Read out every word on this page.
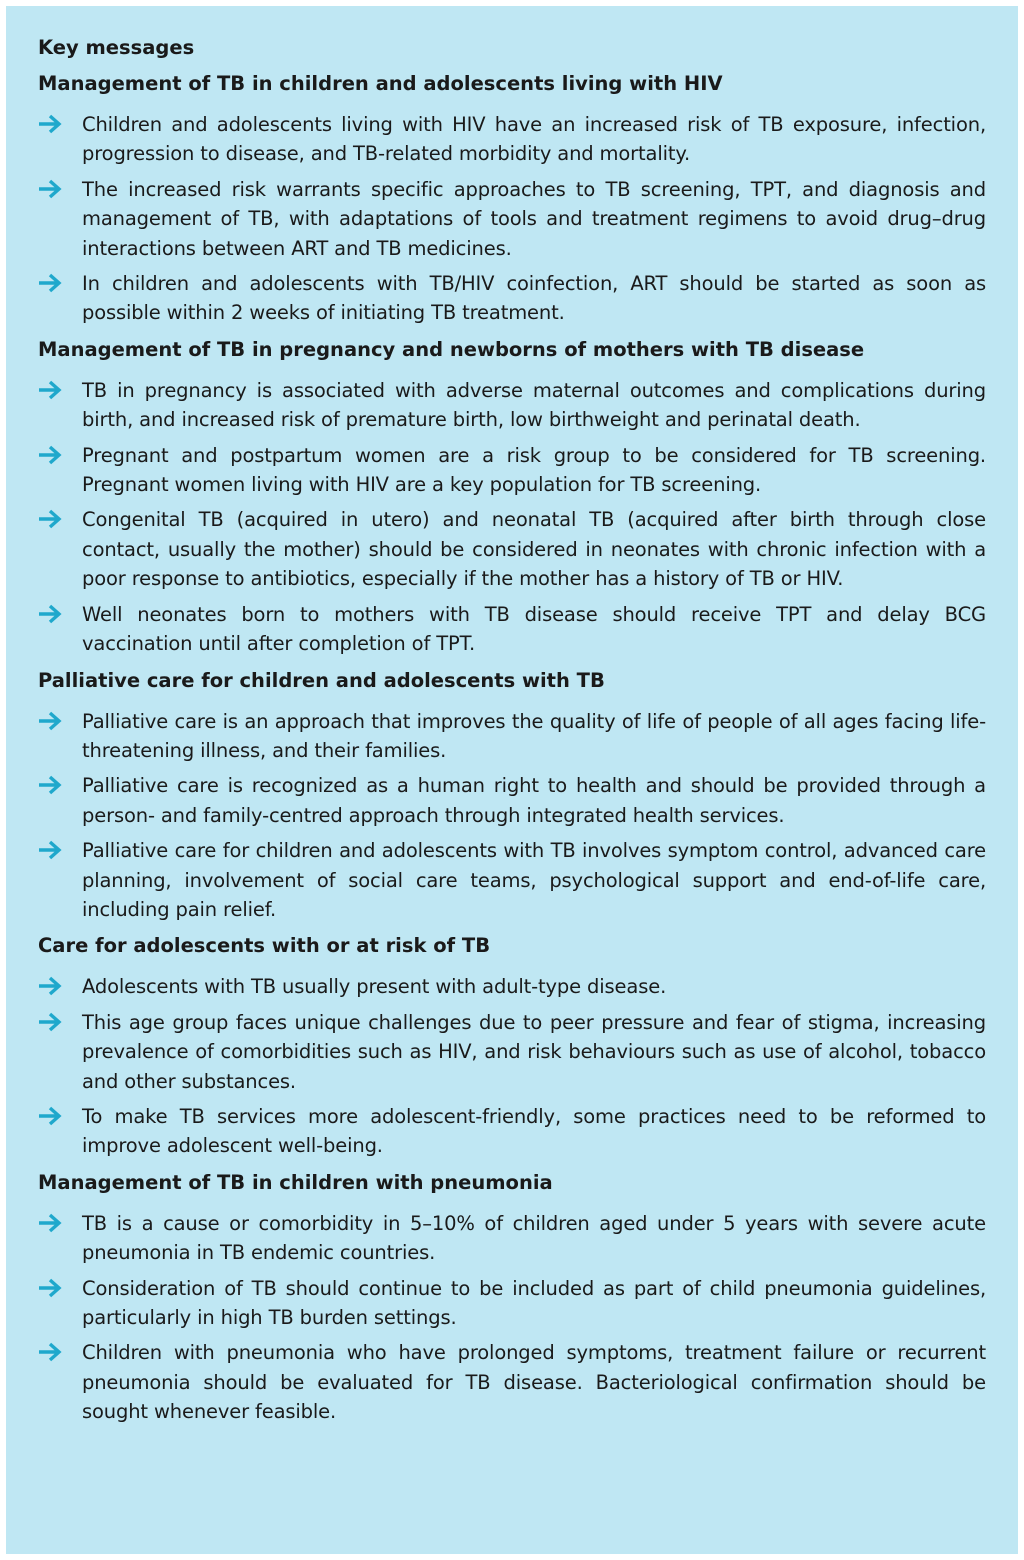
Key messages
Management of TB in children and adolescents living with HIV
Children and adolescents living with HIV have an increased risk of TB exposure, infection, progression to disease, and TB-related morbidity and mortality.
The increased risk warrants specific approaches to TB screening, TPT, and diagnosis and management of TB, with adaptations of tools and treatment regimens to avoid drug–drug interactions between ART and TB medicines.
In children and adolescents with TB/HIV coinfection, ART should be started as soon as possible within 2 weeks of initiating TB treatment.
Management of TB in pregnancy and newborns of mothers with TB disease
TB in pregnancy is associated with adverse maternal outcomes and complications during birth, and increased risk of premature birth, low birthweight and perinatal death.
Pregnant and postpartum women are a risk group to be considered for TB screening. Pregnant women living with HIV are a key population for TB screening.
Congenital TB (acquired in utero) and neonatal TB (acquired after birth through close contact, usually the mother) should be considered in neonates with chronic infection with a poor response to antibiotics, especially if the mother has a history of TB or HIV.
Well neonates born to mothers with TB disease should receive TPT and delay BCG vaccination until after completion of TPT.
Palliative care for children and adolescents with TB
Palliative care is an approach that improves the quality of life of people of all ages facing life-threatening illness, and their families.
Palliative care is recognized as a human right to health and should be provided through a person- and family-centred approach through integrated health services.
Palliative care for children and adolescents with TB involves symptom control, advanced care planning, involvement of social care teams, psychological support and end-of-life care, including pain relief.
Care for adolescents with or at risk of TB
Adolescents with TB usually present with adult-type disease.
This age group faces unique challenges due to peer pressure and fear of stigma, increasing prevalence of comorbidities such as HIV, and risk behaviours such as use of alcohol, tobacco and other substances.
To make TB services more adolescent-friendly, some practices need to be reformed to improve adolescent well-being.
Management of TB in children with pneumonia
TB is a cause or comorbidity in 5–10% of children aged under 5 years with severe acute pneumonia in TB endemic countries.
Consideration of TB should continue to be included as part of child pneumonia guidelines, particularly in high TB burden settings.
Children with pneumonia who have prolonged symptoms, treatment failure or recurrent pneumonia should be evaluated for TB disease. Bacteriological confirmation should be sought whenever feasible.
